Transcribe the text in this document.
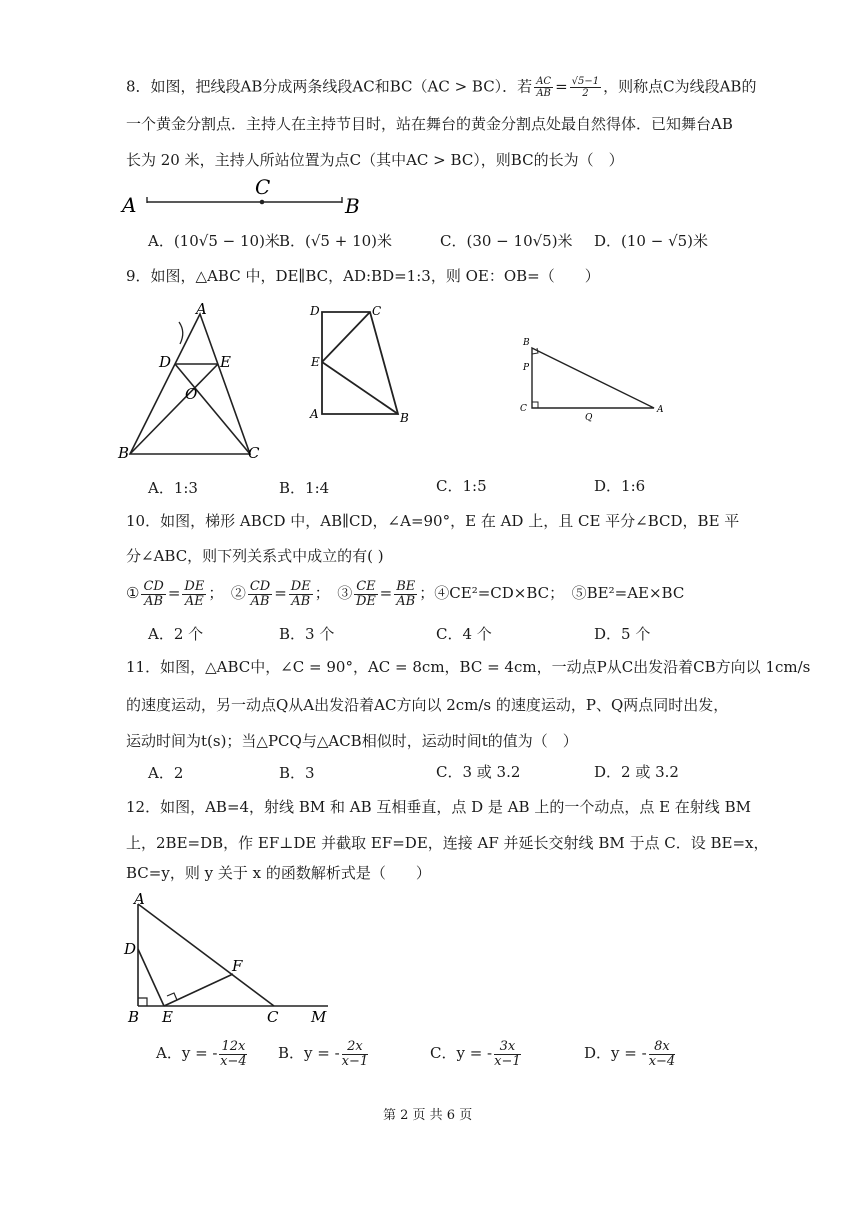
8．如图，把线段AB分成两条线段AC和BC（AC > BC）．若 $\frac{AC}{AB} = \frac{√5-1}{2}$ ，则称点C为线段AB的
一个黄金分割点．主持人在主持节目时，站在舞台的黄金分割点处最自然得体．已知舞台AB
长为 20 米，主持人所站位置为点C（其中AC > BC），则BC的长为（　）
A	B
C
A．(10√5 − 10)米 B．(√5 + 10)米	C．(30 − 10√5)米 D．(10 − √5)米
9．如图，△ABC 中，DE∥BC，AD:BD=1:3，则 OE：OB=（　　）
A
D	E
O
B	C
D	C
E
A	B
B
P
C
Q
A
A．1:3	B．1:4	C．1:5	D．1:6
10．如图，梯形 ABCD 中，AB∥CD，∠A=90°，E 在 AD 上，且 CE 平分∠BCD，BE 平
分∠ABC，则下列关系式中成立的有( )
① $\frac{CD}{AB} = \frac{DE}{AE}$ ；　② $\frac{CD}{AB} = \frac{DE}{AB}$ ；　③ $\frac{CE}{DE} = \frac{BE}{AB}$ ；④CE²=CD×BC；　⑤BE²=AE×BC
A．2 个	B．3 个	C．4 个	D．5 个
11．如图，△ABC中，∠C = 90°，AC = 8cm，BC = 4cm，一动点P从C出发沿着CB方向以 1cm/s
的速度运动，另一动点Q从A出发沿着AC方向以 2cm/s 的速度运动，P、Q两点同时出发，
运动时间为t(s)；当△PCQ与△ACB相似时，运动时间t的值为（　）
A．2	B．3	C．3 或 3.2	D．2 或 3.2
12．如图，AB=4，射线 BM 和 AB 互相垂直，点 D 是 AB 上的一个动点，点 E 在射线 BM
上，2BE=DB，作 EF⊥DE 并截取 EF=DE，连接 AF 并延长交射线 BM 于点 C．设 BE=x，
BC=y，则 y 关于 x 的函数解析式是（　　）
A
D
F
B E	C M
A．y = - $\frac{12x}{x-4}$ B．y = - $\frac{2x}{x-1}$	C．y = - $\frac{3x}{x-1}$	D．y = - $\frac{8x}{x-4}$
第 2 页 共 6 页
